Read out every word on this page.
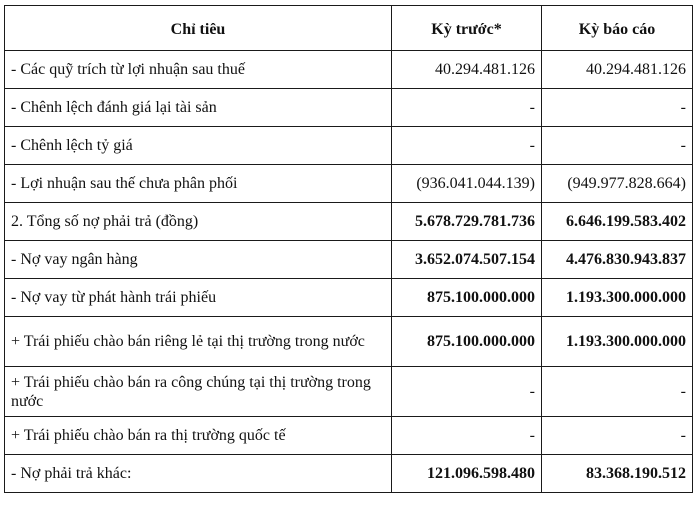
Chỉ tiêu	Kỳ trước*	Kỳ báo cáo
- Các quỹ trích từ lợi nhuận sau thuế	40.294.481.126	40.294.481.126
- Chênh lệch đánh giá lại tài sản	-	-
- Chênh lệch tỷ giá	-	-
- Lợi nhuận sau thế chưa phân phối	(936.041.044.139)	(949.977.828.664)
2. Tổng số nợ phải trả (đồng)	5.678.729.781.736	6.646.199.583.402
- Nợ vay ngân hàng	3.652.074.507.154	4.476.830.943.837
- Nợ vay từ phát hành trái phiếu	875.100.000.000	1.193.300.000.000
+ Trái phiếu chào bán riêng lẻ tại thị trường trong nước	875.100.000.000	1.193.300.000.000
+ Trái phiếu chào bán ra công chúng tại thị trường trong nước	-	-
+ Trái phiếu chào bán ra thị trường quốc tế	-	-
- Nợ phải trả khác:	121.096.598.480	83.368.190.512
